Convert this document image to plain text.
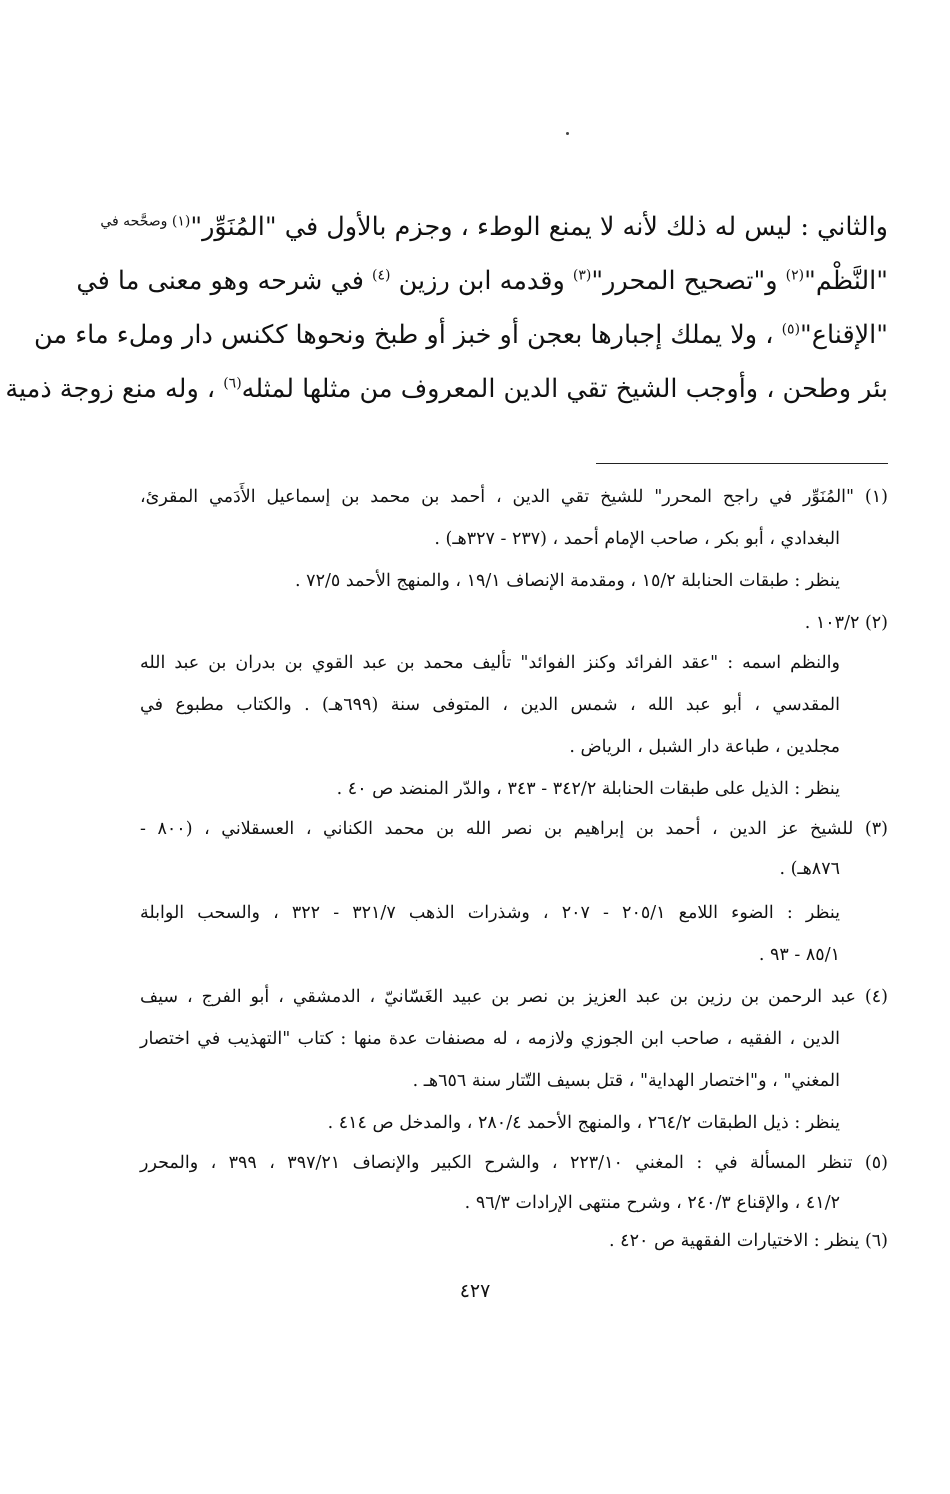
والثاني : ليس له ذلك لأنه لا يمنع الوطء ، وجزم بالأول في "المُنَوِّر"$^{(١) وصحَّحه في}$

"النَّظْم"$^{(٢)}$ و"تصحيح المحرر"$^{(٣)}$ وقدمه ابن رزين $^{(٤)}$ في شرحه وهو معنى ما في

"الإقناع"$^{(٥)}$ ، ولا يملك إجبارها بعجن أو خبز أو طبخ ونحوها ككنس دار وملء ماء من

بئر وطحن ، وأوجب الشيخ تقي الدين المعروف من مثلها لمثله$^{(٦)}$ ، وله منع زوجة ذمية

(١) "المُنَوِّر في راجح المحرر" للشيخ تقي الدين ، أحمد بن محمد بن إسماعيل الأَدَمي المقرئ،
البغدادي ، أبو بكر ، صاحب الإمام أحمد ، (٢٣٧ - ٣٢٧هـ) .
ينظر : طبقات الحنابلة ١٥/٢ ، ومقدمة الإنصاف ١٩/١ ، والمنهج الأحمد ٧٢/٥ .
(٢) ١٠٣/٢ .
والنظم اسمه : "عقد الفرائد وكنز الفوائد" تأليف محمد بن عبد القوي بن بدران بن عبد الله
المقدسي ، أبو عبد الله ، شمس الدين ، المتوفى سنة (٦٩٩هـ) . والكتاب مطبوع في
مجلدين ، طباعة دار الشبل ، الرياض .
ينظر : الذيل على طبقات الحنابلة ٣٤٢/٢ - ٣٤٣ ، والدّر المنضد ص ٤٠ .
(٣) للشيخ عز الدين ، أحمد بن إبراهيم بن نصر الله بن محمد الكناني ، العسقلاني ، (٨٠٠ -
٨٧٦هـ) .
ينظر : الضوء اللامع ٢٠٥/١ - ٢٠٧ ، وشذرات الذهب ٣٢١/٧ - ٣٢٢ ، والسحب الوابلة
٨٥/١ - ٩٣ .
(٤) عبد الرحمن بن رزين بن عبد العزيز بن نصر بن عبيد الغَسّانيّ ، الدمشقي ، أبو الفرج ، سيف
الدين ، الفقيه ، صاحب ابن الجوزي ولازمه ، له مصنفات عدة منها : كتاب "التهذيب في اختصار
المغني" ، و"اختصار الهداية" ، قتل بسيف التّتار سنة ٦٥٦هـ .
ينظر : ذيل الطبقات ٢٦٤/٢ ، والمنهج الأحمد ٢٨٠/٤ ، والمدخل ص ٤١٤ .
(٥) تنظر المسألة في : المغني ٢٢٣/١٠ ، والشرح الكبير والإنصاف ٣٩٧/٢١ ، ٣٩٩ ، والمحرر
٤١/٢ ، والإقناع ٢٤٠/٣ ، وشرح منتهى الإرادات ٩٦/٣ .
(٦) ينظر : الاختيارات الفقهية ص ٤٢٠ .
٤٢٧
